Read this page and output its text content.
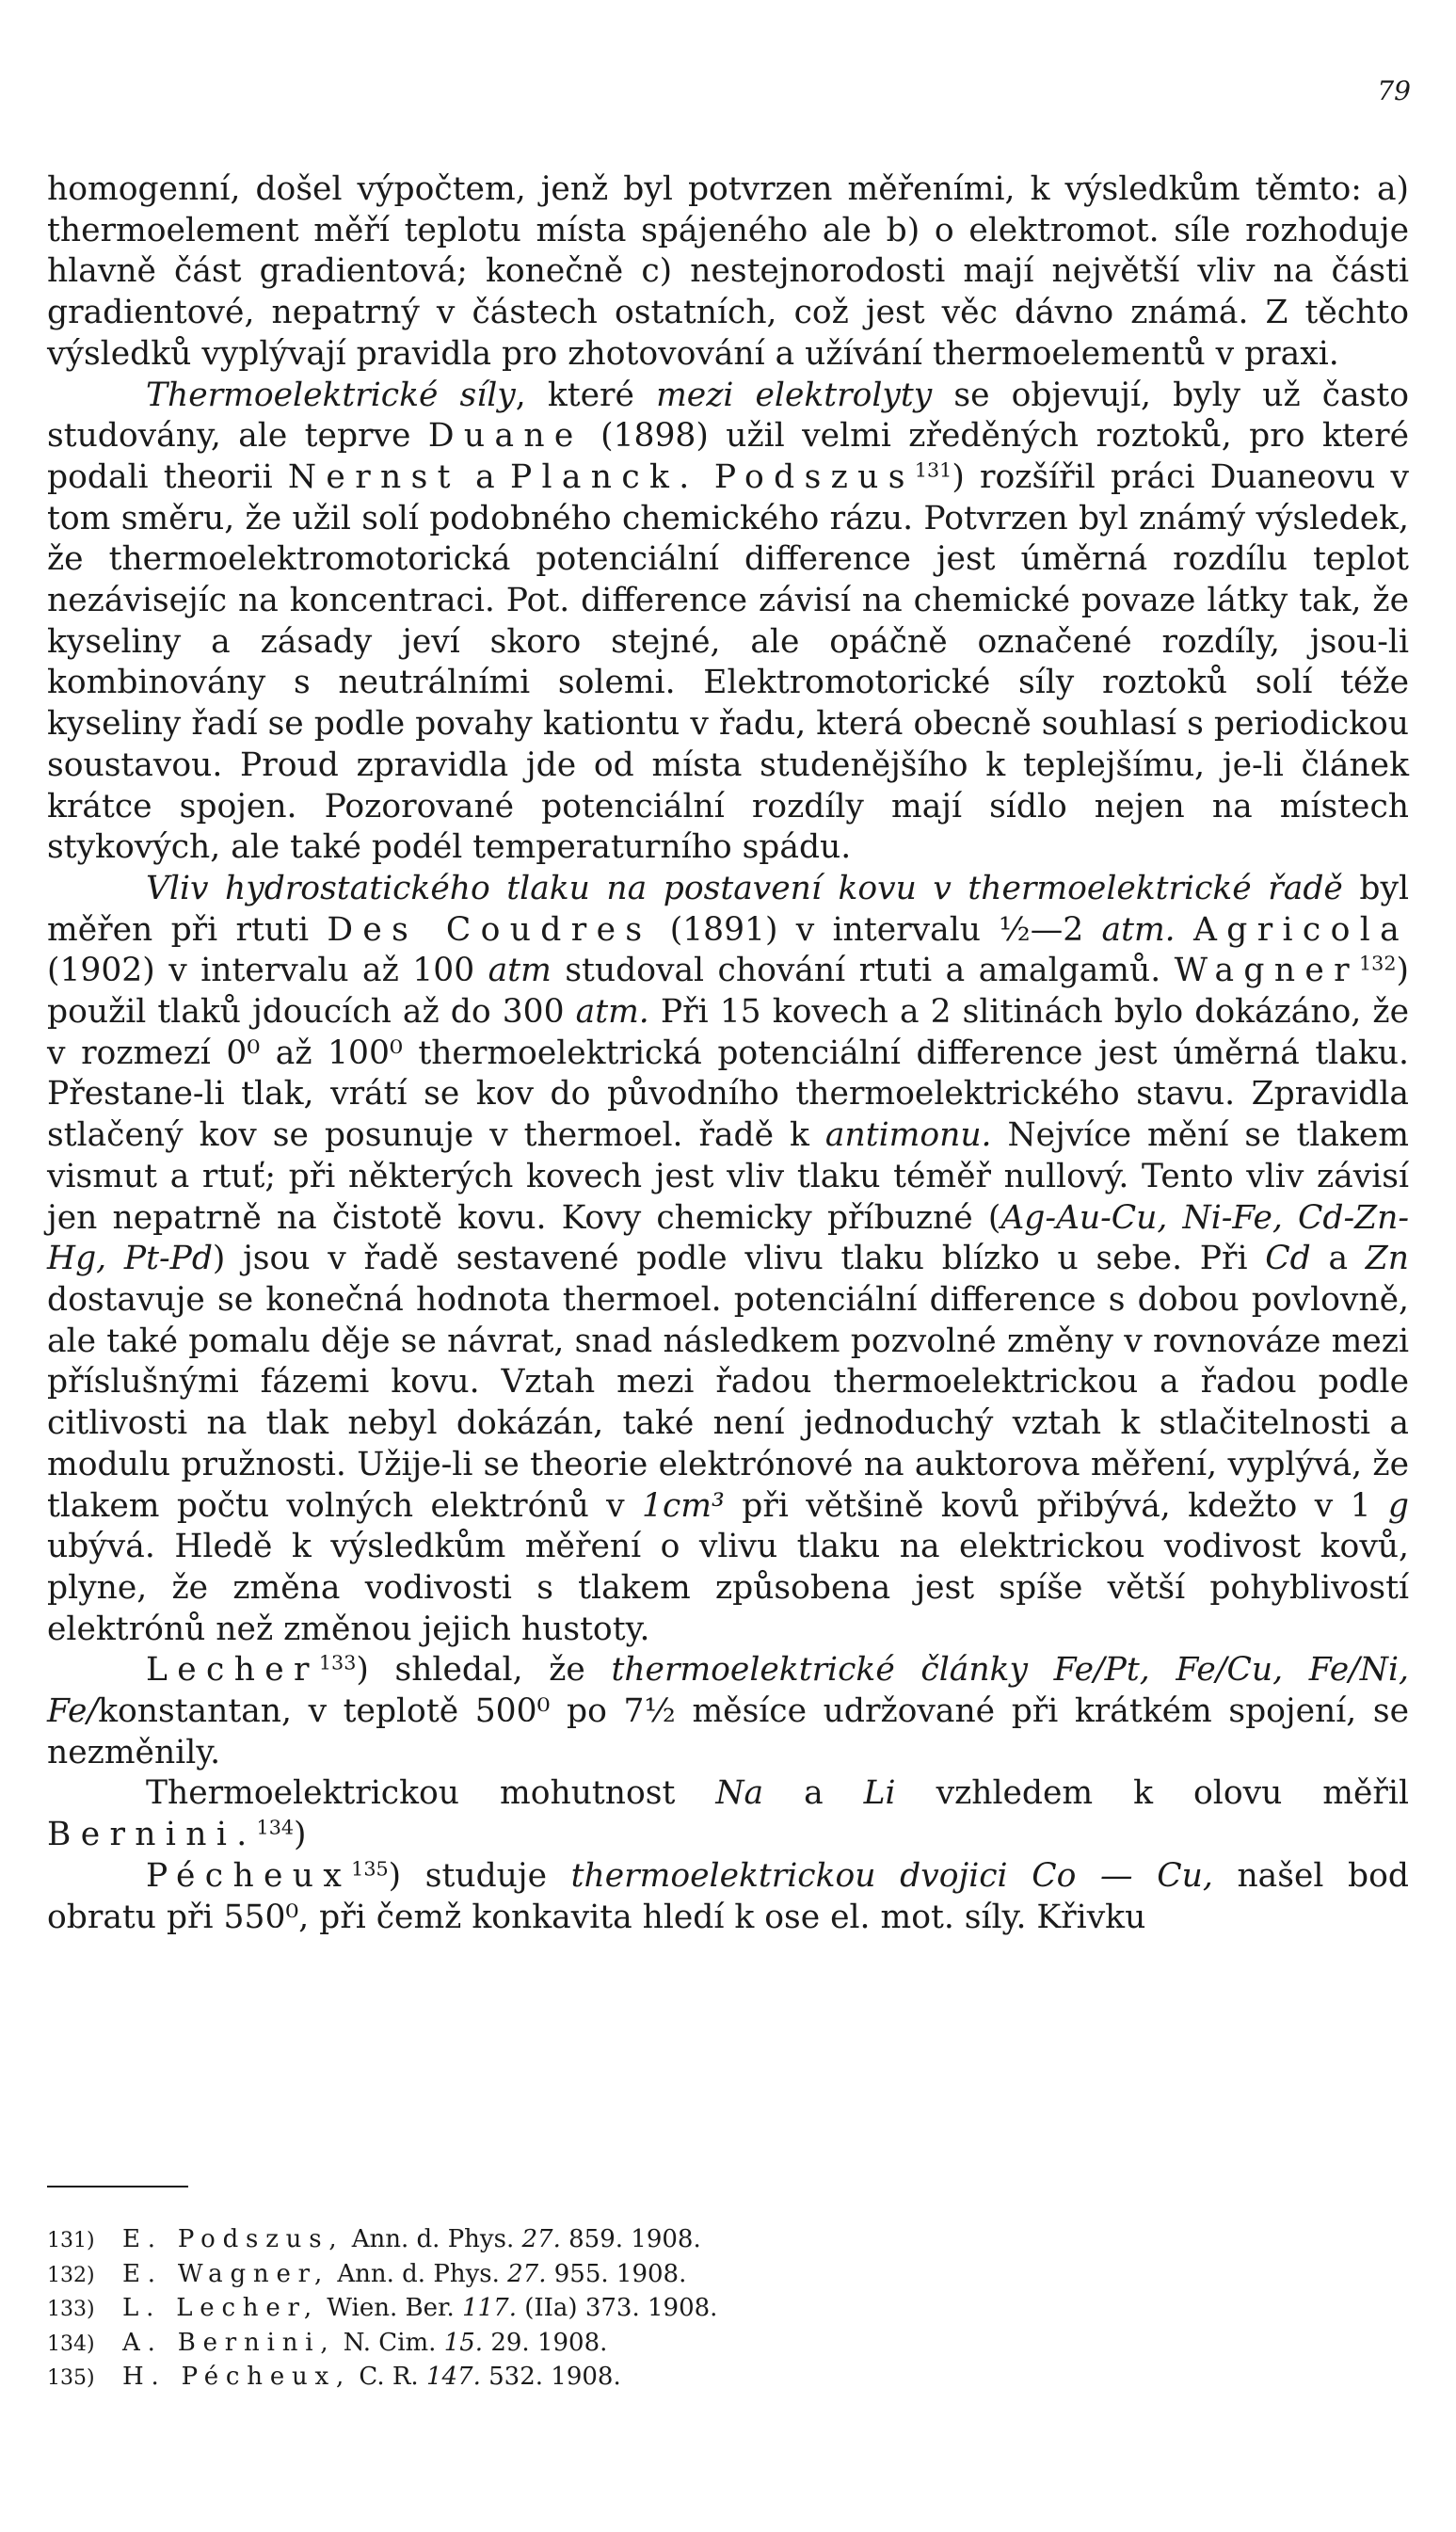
79

homogenní, došel výpočtem, jenž byl potvrzen měřeními, k výsledkům těmto: a) thermoelement měří teplotu místa spájeného ale b) o elektromot. síle rozhoduje hlavně část gradientová; konečně c) nestejnorodosti mají největší vliv na části gradientové, nepatrný v částech ostatních, což jest věc dávno známá. Z těchto výsledků vyplývají pravidla pro zhotovování a užívání thermoelementů v praxi.

Thermoelektrické síly, které mezi elektrolyty se objevují, byly už často studovány, ale teprve Duane (1898) užil velmi zředěných roztoků, pro které podali theorii Nernst a Planck. Podszus$^{131}$) rozšířil práci Duaneovu v tom směru, že užil solí podobného chemického rázu. Potvrzen byl známý výsledek, že thermoelektromotorická potenciální difference jest úměrná rozdílu teplot nezávisejíc na koncentraci. Pot. difference závisí na chemické povaze látky tak, že kyseliny a zásady jeví skoro stejné, ale opáčně označené rozdíly, jsou-li kombinovány s neutrálními solemi. Elektromotorické síly roztoků solí téže kyseliny řadí se podle povahy kationtu v řadu, která obecně souhlasí s periodickou soustavou. Proud zpravidla jde od místa studenějšího k teplejšímu, je-li článek krátce spojen. Pozorované potenciální rozdíly mají sídlo nejen na místech stykových, ale také podél temperaturního spádu.

Vliv hydrostatického tlaku na postavení kovu v thermoelektrické řadě byl měřen při rtuti Des Coudres (1891) v intervalu ½—2 atm. Agricola (1902) v intervalu až 100 atm studoval chování rtuti a amalgamů. Wagner$^{132}$) použil tlaků jdoucích až do 300 atm. Při 15 kovech a 2 slitinách bylo dokázáno, že v rozmezí 0⁰ až 100⁰ thermoelektrická potenciální difference jest úměrná tlaku. Přestane-li tlak, vrátí se kov do původního thermoelektrického stavu. Zpravidla stlačený kov se posunuje v thermoel. řadě k antimonu. Nejvíce mění se tlakem vismut a rtuť; při některých kovech jest vliv tlaku téměř nullový. Tento vliv závisí jen nepatrně na čistotě kovu. Kovy chemicky příbuzné (Ag-Au-Cu, Ni-Fe, Cd-Zn-Hg, Pt-Pd) jsou v řadě sestavené podle vlivu tlaku blízko u sebe. Při Cd a Zn dostavuje se konečná hodnota thermoel. potenciální difference s dobou povlovně, ale také pomalu děje se návrat, snad následkem pozvolné změny v rovnováze mezi příslušnými fázemi kovu. Vztah mezi řadou thermoelektrickou a řadou podle citlivosti na tlak nebyl dokázán, také není jednoduchý vztah k stlačitelnosti a modulu pružnosti. Užije-li se theorie elektrónové na auktorova měření, vyplývá, že tlakem počtu volných elektrónů v 1cm³ při většině kovů přibývá, kdežto v 1 g ubývá. Hledě k výsledkům měření o vlivu tlaku na elektrickou vodivost kovů, plyne, že změna vodivosti s tlakem způsobena jest spíše větší pohyblivostí elektrónů než změnou jejich hustoty.

Lecher$^{133}$) shledal, že thermoelektrické články Fe/Pt, Fe/Cu, Fe/Ni, Fe/konstantan, v teplotě 500⁰ po 7½ měsíce udržované při krátkém spojení, se nezměnily.

Thermoelektrickou mohutnost Na a Li vzhledem k olovu měřil Bernini.$^{134}$)

Pécheux$^{135}$) studuje thermoelektrickou dvojici Co — Cu, našel bod obratu při 550⁰, při čemž konkavita hledí k ose el. mot. síly. Křivku

131) E. Podszus, Ann. d. Phys. 27. 859. 1908.
132) E. Wagner, Ann. d. Phys. 27. 955. 1908.
133) L. Lecher, Wien. Ber. 117. (IIa) 373. 1908.
134) A. Bernini, N. Cim. 15. 29. 1908.
135) H. Pécheux, C. R. 147. 532. 1908.
